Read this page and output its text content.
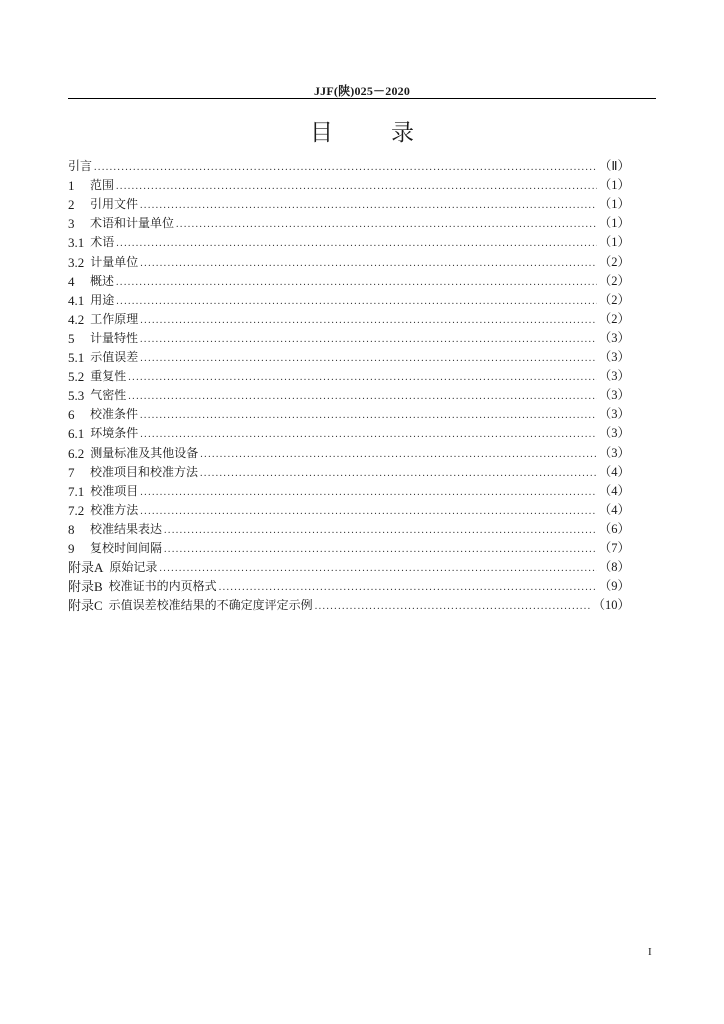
JJF(陕)025－2020
目录
引言 .....	（Ⅱ）
1	范围 .....	（1）
2	引用文件 .....	（1）
3	术语和计量单位 .....	（1）
3.1 术语 .....	（1）
3.2 计量单位 .....	（2）
4	概述 .....	（2）
4.1 用途 .....	（2）
4.2 工作原理 .....	（2）
5	计量特性 .....	（3）
5.1 示值误差 .....	（3）
5.2 重复性 .....	（3）
5.3 气密性 .....	（3）
6	校准条件 .....	（3）
6.1 环境条件 .....	（3）
6.2 测量标准及其他设备 .....	（3）
7	校准项目和校准方法 .....	（4）
7.1 校准项目 .....	（4）
7.2 校准方法 .....	（4）
8	校准结果表达 .....	（6）
9	复校时间间隔 .....	（7）
附录A 原始记录 .....	（8）
附录B 校准证书的内页格式 .....	（9）
附录C 示值误差校准结果的不确定度评定示例 .....	（10）
I
